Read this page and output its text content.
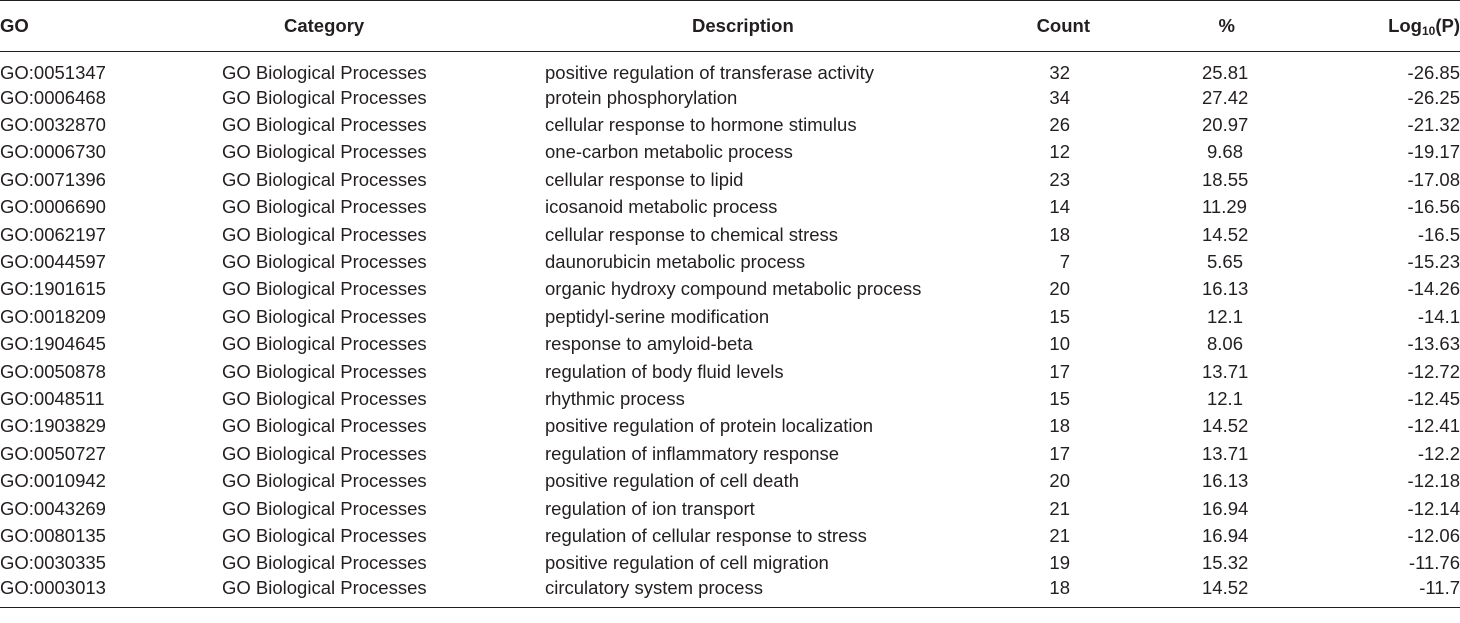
GO	Category	Description	Count	%	Log$_{10}$(P)
GO:0051347	GO Biological Processes	positive regulation of transferase activity	32	25.81	-26.85
GO:0006468	GO Biological Processes	protein phosphorylation	34	27.42	-26.25
GO:0032870	GO Biological Processes	cellular response to hormone stimulus	26	20.97	-21.32
GO:0006730	GO Biological Processes	one-carbon metabolic process	12	9.68	-19.17
GO:0071396	GO Biological Processes	cellular response to lipid	23	18.55	-17.08
GO:0006690	GO Biological Processes	icosanoid metabolic process	14	11.29	-16.56
GO:0062197	GO Biological Processes	cellular response to chemical stress	18	14.52	-16.5
GO:0044597	GO Biological Processes	daunorubicin metabolic process	7	5.65	-15.23
GO:1901615	GO Biological Processes	organic hydroxy compound metabolic process	20	16.13	-14.26
GO:0018209	GO Biological Processes	peptidyl-serine modification	15	12.1	-14.1
GO:1904645	GO Biological Processes	response to amyloid-beta	10	8.06	-13.63
GO:0050878	GO Biological Processes	regulation of body fluid levels	17	13.71	-12.72
GO:0048511	GO Biological Processes	rhythmic process	15	12.1	-12.45
GO:1903829	GO Biological Processes	positive regulation of protein localization	18	14.52	-12.41
GO:0050727	GO Biological Processes	regulation of inflammatory response	17	13.71	-12.2
GO:0010942	GO Biological Processes	positive regulation of cell death	20	16.13	-12.18
GO:0043269	GO Biological Processes	regulation of ion transport	21	16.94	-12.14
GO:0080135	GO Biological Processes	regulation of cellular response to stress	21	16.94	-12.06
GO:0030335	GO Biological Processes	positive regulation of cell migration	19	15.32	-11.76
GO:0003013	GO Biological Processes	circulatory system process	18	14.52	-11.7
